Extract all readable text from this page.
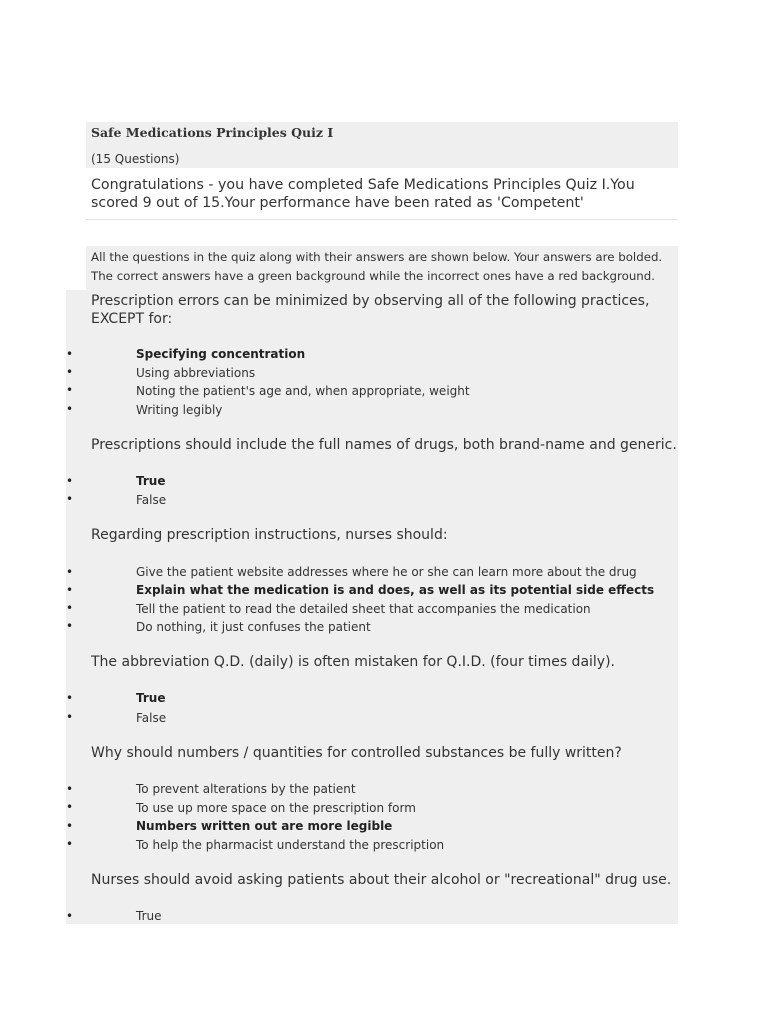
Safe Medications Principles Quiz I
(15 Questions)
Congratulations - you have completed Safe Medications Principles Quiz I.You scored 9 out of 15.Your performance have been rated as 'Competent'
All the questions in the quiz along with their answers are shown below. Your answers are bolded. The correct answers have a green background while the incorrect ones have a red background.
Prescription errors can be minimized by observing all of the following practices, EXCEPT for:
•	Specifying concentration
•	Using abbreviations
•	Noting the patient's age and, when appropriate, weight
•	Writing legibly
Prescriptions should include the full names of drugs, both brand-name and generic.
•	True
•	False
Regarding prescription instructions, nurses should:
•	Give the patient website addresses where he or she can learn more about the drug
•	Explain what the medication is and does, as well as its potential side effects
•	Tell the patient to read the detailed sheet that accompanies the medication
•	Do nothing, it just confuses the patient
The abbreviation Q.D. (daily) is often mistaken for Q.I.D. (four times daily).
•	True
•	False
Why should numbers / quantities for controlled substances be fully written?
•	To prevent alterations by the patient
•	To use up more space on the prescription form
•	Numbers written out are more legible
•	To help the pharmacist understand the prescription
Nurses should avoid asking patients about their alcohol or "recreational" drug use.
•	True
